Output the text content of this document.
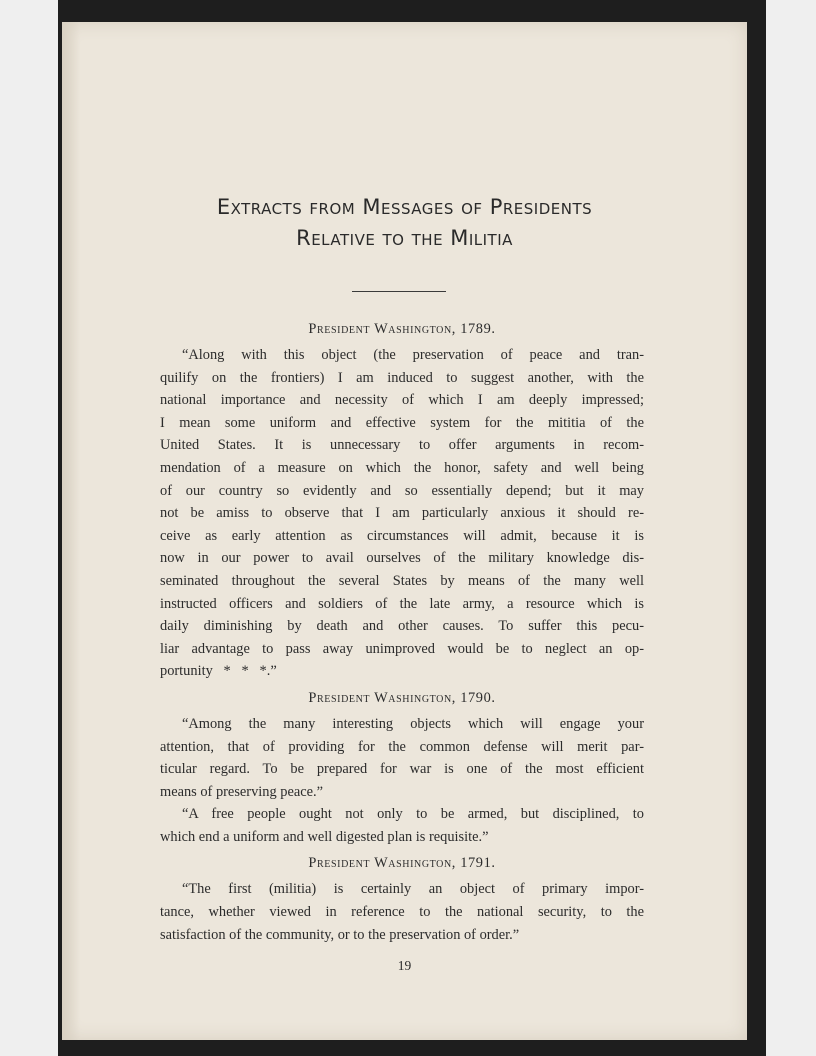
Extracts from Messages of Presidents
Relative to the Militia

President Washington, 1789.

“Along with this object (the preservation of peace and tran-
quilify on the frontiers) I am induced to suggest another, with the
national importance and necessity of which I am deeply impressed;
I mean some uniform and effective system for the mititia of the
United States. It is unnecessary to offer arguments in recom-
mendation of a measure on which the honor, safety and well being
of our country so evidently and so essentially depend; but it may
not be amiss to observe that I am particularly anxious it should re-
ceive as early attention as circumstances will admit, because it is
now in our power to avail ourselves of the military knowledge dis-
seminated throughout the several States by means of the many well
instructed officers and soldiers of the late army, a resource which is
daily diminishing by death and other causes. To suffer this pecu-
liar advantage to pass away unimproved would be to neglect an op-
portunity   *   *   *.”

President Washington, 1790.

“Among the many interesting objects which will engage your
attention, that of providing for the common defense will merit par-
ticular regard. To be prepared for war is one of the most efficient
means of preserving peace.”

“A free people ought not only to be armed, but disciplined, to
which end a uniform and well digested plan is requisite.”

President Washington, 1791.

“The first (militia) is certainly an object of primary impor-
tance, whether viewed in reference to the national security, to the
satisfaction of the community, or to the preservation of order.”

19
